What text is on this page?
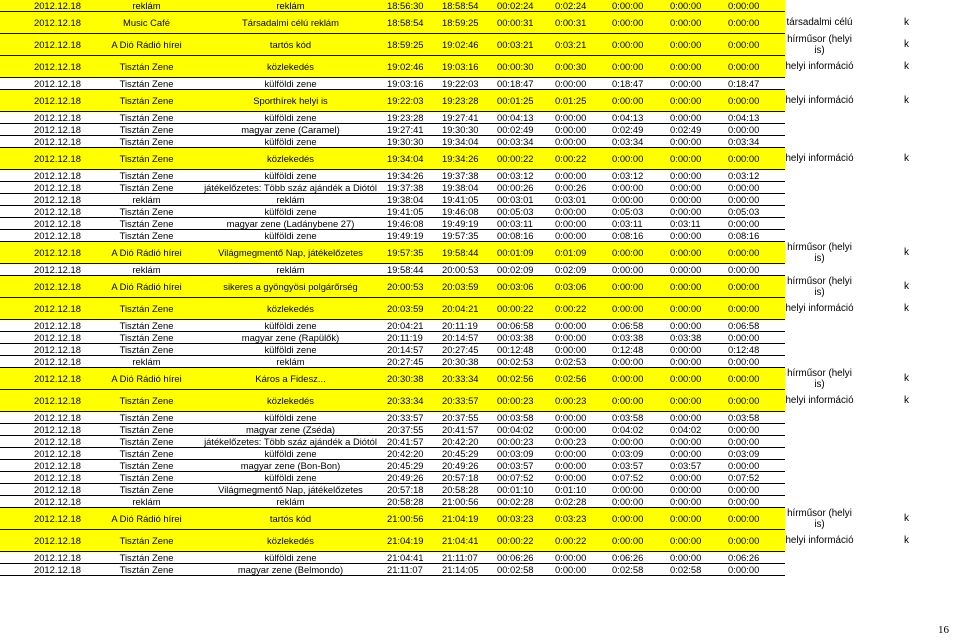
2012.12.18	reklám	reklám	18:56:30	18:58:54	00:02:24	0:02:24	0:00:00	0:00:00	0:00:00		
2012.12.18	Music Café	Társadalmi célú reklám	18:58:54	18:59:25	00:00:31	0:00:31	0:00:00	0:00:00	0:00:00	társadalmi célú	k
2012.12.18	A Dió Rádió hírei	tartós kód	18:59:25	19:02:46	00:03:21	0:03:21	0:00:00	0:00:00	0:00:00	hírműsor (helyi is)	k
2012.12.18	Tisztán Zene	közlekedés	19:02:46	19:03:16	00:00:30	0:00:30	0:00:00	0:00:00	0:00:00	helyi információ	k
2012.12.18	Tisztán Zene	külföldi zene	19:03:16	19:22:03	00:18:47	0:00:00	0:18:47	0:00:00	0:18:47		
2012.12.18	Tisztán Zene	Sporthírek helyi is	19:22:03	19:23:28	00:01:25	0:01:25	0:00:00	0:00:00	0:00:00	helyi információ	k
2012.12.18	Tisztán Zene	külföldi zene	19:23:28	19:27:41	00:04:13	0:00:00	0:04:13	0:00:00	0:04:13		
2012.12.18	Tisztán Zene	magyar zene (Caramel)	19:27:41	19:30:30	00:02:49	0:00:00	0:02:49	0:02:49	0:00:00		
2012.12.18	Tisztán Zene	külföldi zene	19:30:30	19:34:04	00:03:34	0:00:00	0:03:34	0:00:00	0:03:34		
2012.12.18	Tisztán Zene	közlekedés	19:34:04	19:34:26	00:00:22	0:00:22	0:00:00	0:00:00	0:00:00	helyi információ	k
2012.12.18	Tisztán Zene	külföldi zene	19:34:26	19:37:38	00:03:12	0:00:00	0:03:12	0:00:00	0:03:12		
2012.12.18	Tisztán Zene	játékelőzetes: Több száz ajándék a Diótól	19:37:38	19:38:04	00:00:26	0:00:26	0:00:00	0:00:00	0:00:00		
2012.12.18	reklám	reklám	19:38:04	19:41:05	00:03:01	0:03:01	0:00:00	0:00:00	0:00:00		
2012.12.18	Tisztán Zene	külföldi zene	19:41:05	19:46:08	00:05:03	0:00:00	0:05:03	0:00:00	0:05:03		
2012.12.18	Tisztán Zene	magyar zene (Ladánybene 27)	19:46:08	19:49:19	00:03:11	0:00:00	0:03:11	0:03:11	0:00:00		
2012.12.18	Tisztán Zene	külföldi zene	19:49:19	19:57:35	00:08:16	0:00:00	0:08:16	0:00:00	0:08:16		
2012.12.18	A Dió Rádió hírei	Világmegmentő Nap, játékelőzetes	19:57:35	19:58:44	00:01:09	0:01:09	0:00:00	0:00:00	0:00:00	hírműsor (helyi is)	k
2012.12.18	reklám	reklám	19:58:44	20:00:53	00:02:09	0:02:09	0:00:00	0:00:00	0:00:00		
2012.12.18	A Dió Rádió hírei	sikeres a gyöngyösi polgárőrség	20:00:53	20:03:59	00:03:06	0:03:06	0:00:00	0:00:00	0:00:00	hírműsor (helyi is)	k
2012.12.18	Tisztán Zene	közlekedés	20:03:59	20:04:21	00:00:22	0:00:22	0:00:00	0:00:00	0:00:00	helyi információ	k
2012.12.18	Tisztán Zene	külföldi zene	20:04:21	20:11:19	00:06:58	0:00:00	0:06:58	0:00:00	0:06:58		
2012.12.18	Tisztán Zene	magyar zene (Rapülők)	20:11:19	20:14:57	00:03:38	0:00:00	0:03:38	0:03:38	0:00:00		
2012.12.18	Tisztán Zene	külföldi zene	20:14:57	20:27:45	00:12:48	0:00:00	0:12:48	0:00:00	0:12:48		
2012.12.18	reklám	reklám	20:27:45	20:30:38	00:02:53	0:02:53	0:00:00	0:00:00	0:00:00		
2012.12.18	A Dió Rádió hírei	Káros a Fidesz...	20:30:38	20:33:34	00:02:56	0:02:56	0:00:00	0:00:00	0:00:00	hírműsor (helyi is)	k
2012.12.18	Tisztán Zene	közlekedés	20:33:34	20:33:57	00:00:23	0:00:23	0:00:00	0:00:00	0:00:00	helyi információ	k
2012.12.18	Tisztán Zene	külföldi zene	20:33:57	20:37:55	00:03:58	0:00:00	0:03:58	0:00:00	0:03:58		
2012.12.18	Tisztán Zene	magyar zene (Zséda)	20:37:55	20:41:57	00:04:02	0:00:00	0:04:02	0:04:02	0:00:00		
2012.12.18	Tisztán Zene	játékelőzetes: Több száz ajándék a Diótól	20:41:57	20:42:20	00:00:23	0:00:23	0:00:00	0:00:00	0:00:00		
2012.12.18	Tisztán Zene	külföldi zene	20:42:20	20:45:29	00:03:09	0:00:00	0:03:09	0:00:00	0:03:09		
2012.12.18	Tisztán Zene	magyar zene (Bon-Bon)	20:45:29	20:49:26	00:03:57	0:00:00	0:03:57	0:03:57	0:00:00		
2012.12.18	Tisztán Zene	külföldi zene	20:49:26	20:57:18	00:07:52	0:00:00	0:07:52	0:00:00	0:07:52		
2012.12.18	Tisztán Zene	Világmegmentő Nap, játékelőzetes	20:57:18	20:58:28	00:01:10	0:01:10	0:00:00	0:00:00	0:00:00		
2012.12.18	reklám	reklám	20:58:28	21:00:56	00:02:28	0:02:28	0:00:00	0:00:00	0:00:00		
2012.12.18	A Dió Rádió hírei	tartós kód	21:00:56	21:04:19	00:03:23	0:03:23	0:00:00	0:00:00	0:00:00	hírműsor (helyi is)	k
2012.12.18	Tisztán Zene	közlekedés	21:04:19	21:04:41	00:00:22	0:00:22	0:00:00	0:00:00	0:00:00	helyi információ	k
2012.12.18	Tisztán Zene	külföldi zene	21:04:41	21:11:07	00:06:26	0:00:00	0:06:26	0:00:00	0:06:26		
2012.12.18	Tisztán Zene	magyar zene (Belmondo)	21:11:07	21:14:05	00:02:58	0:00:00	0:02:58	0:02:58	0:00:00		
16
